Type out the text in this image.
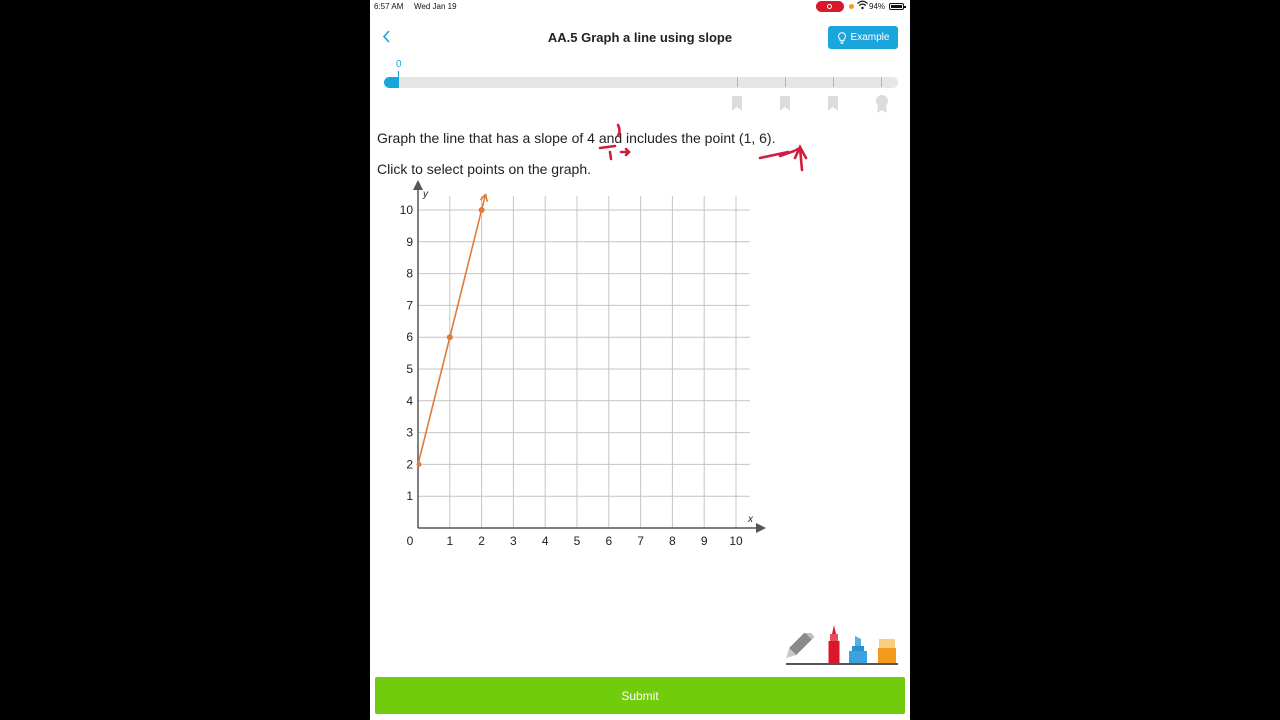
6:57 AM Wed Jan 19	94%
AA.5 Graph a line using slope	Example
0
Graph the line that has a slope of 4 and includes the point (1, 6).
Click to select points on the graph.
0	1 2 3 4 5 6 7 8 9 10
1
2
3
4
5
6
7
8
9
10
x
y
Submit
